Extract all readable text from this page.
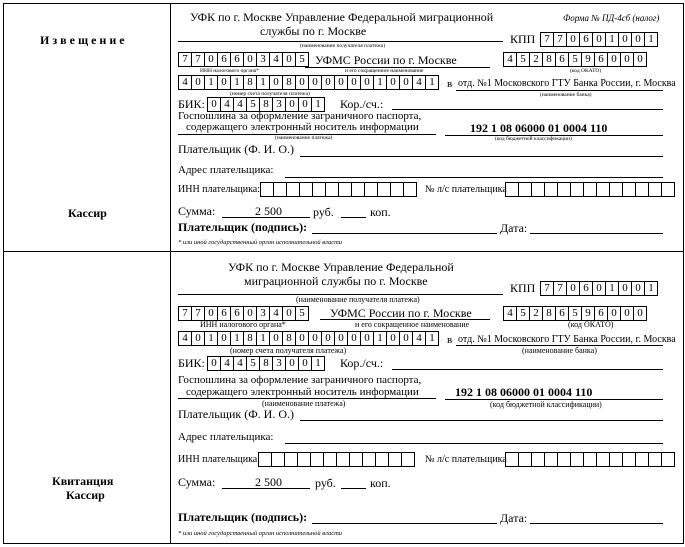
Извещение
Кассир
Форма № ПД-4сб (налог)
УФК по г. Москве Управление Федеральной миграционной
службы по г. Москве
(наименование получателя платежа)	КПП 7 7 0 6 0 1 0 0 1
7 7 0 6 6 0 3 4 0 5
ИНН налогового органа*
УФМС России по г. Москве
и его сокращенное наименование
4 5 2 8 6 5 9 6 0 0 0
(код ОКАТО)
4 0 1 0 1 8 1 0 8 0 0 0 0 0 0 1 0 0 4 1
(номер счета получателя платежа)
в отд. №1 Московского ГТУ Банка России, г. Москва
(наименование банка)
БИК: 0 4 4 5 8 3 0 0 1	Кор./сч.:
Госпошлина за оформление заграничного паспорта,
содержащего электронный носитель информации
(наименование платежа)
192 1 08 06000 01 0004 110
(код бюджетной классификации)
Плательщик (Ф. И. О.)
Адрес плательщика:
ИНН плательщика:	№ л/с плательщика
Сумма:	2 500	руб.	коп.
Плательщик (подпись):	Дата:
* или иной государственный орган исполнительной власти
Квитанция
Кассир
УФК по г. Москве Управление Федеральной
миграционной службы по г. Москве
(наименование получателя платежа)
КПП 7 7 0 6 0 1 0 0 1
7 7 0 6 6 0 3 4 0 5
ИНН налогового органа*
УФМС России по г. Москве
и его сокращенное наименование
4 5 2 8 6 5 9 6 0 0 0
(код ОКАТО)
4 0 1 0 1 8 1 0 8 0 0 0 0 0 0 1 0 0 4 1
(номер счета получателя платежа)
в отд. №1 Московского ГТУ Банка России, г. Москва
(наименование банка)
БИК: 0 4 4 5 8 3 0 0 1	Кор./сч.:
Госпошлина за оформление заграничного паспорта,
содержащего электронный носитель информации
(наименование платежа)
192 1 08 06000 01 0004 110
(код бюджетной классификации)
Плательщик (Ф. И. О.)
Адрес плательщика:
ИНН плательщика:	№ л/с плательщика
Сумма:	2 500	руб.	коп.
Плательщик (подпись):	Дата:
* или иной государственный орган исполнительной власти
